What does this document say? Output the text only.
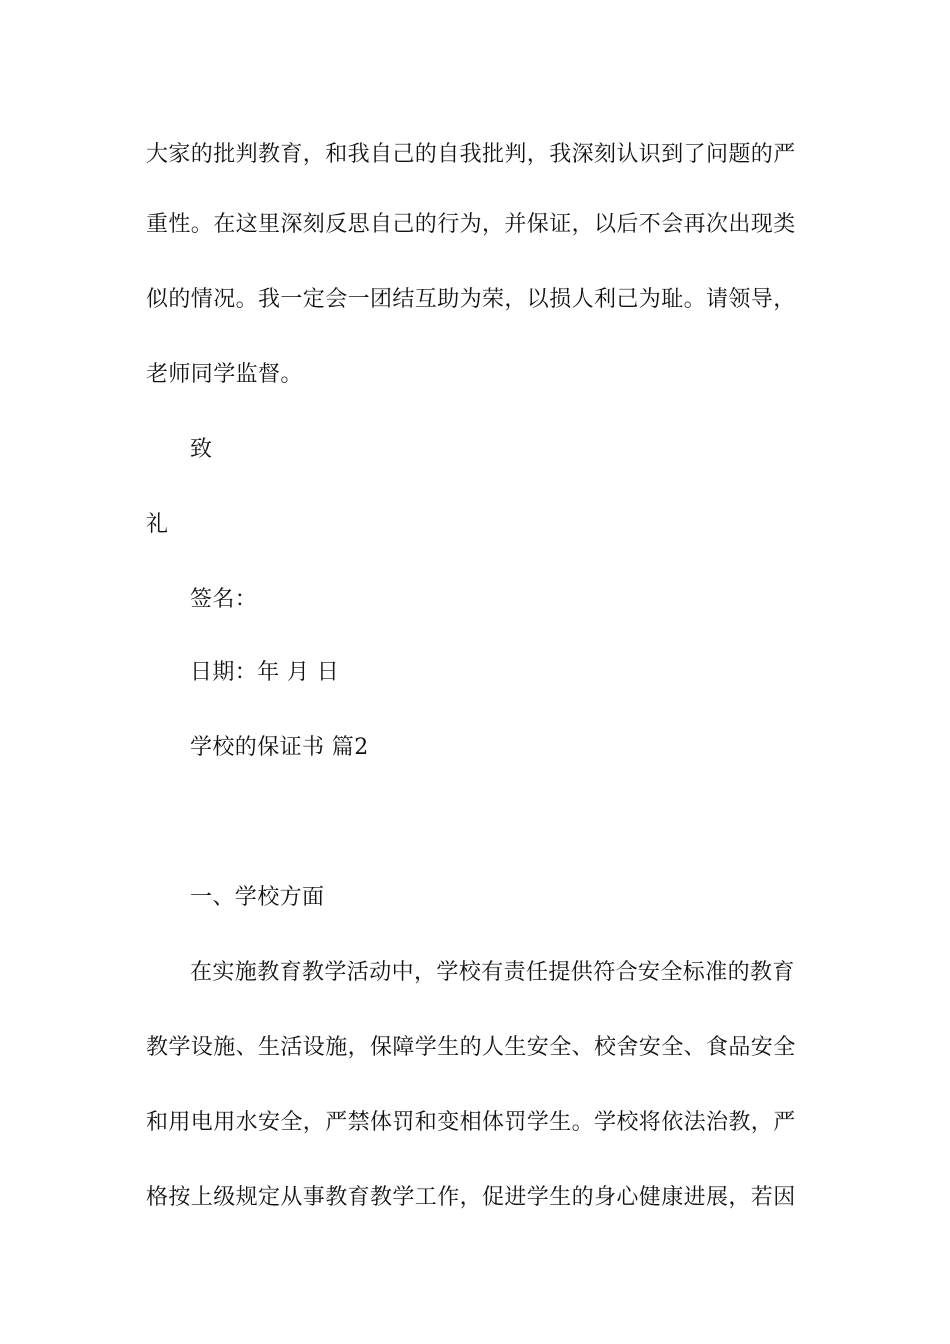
大家的批判教育，和我自己的自我批判，我深刻认识到了问题的严
重性。在这里深刻反思自己的行为，并保证，以后不会再次出现类
似的情况。我一定会一团结互助为荣，以损人利己为耻。请领导，
老师同学监督。
致
礼
签名：
日期：年 月 日
学校的保证书 篇2
一、学校方面
在实施教育教学活动中，学校有责任提供符合安全标准的教育
教学设施、生活设施，保障学生的人生安全、校舍安全、食品安全
和用电用水安全，严禁体罚和变相体罚学生。学校将依法治教，严
格按上级规定从事教育教学工作，促进学生的身心健康进展，若因
